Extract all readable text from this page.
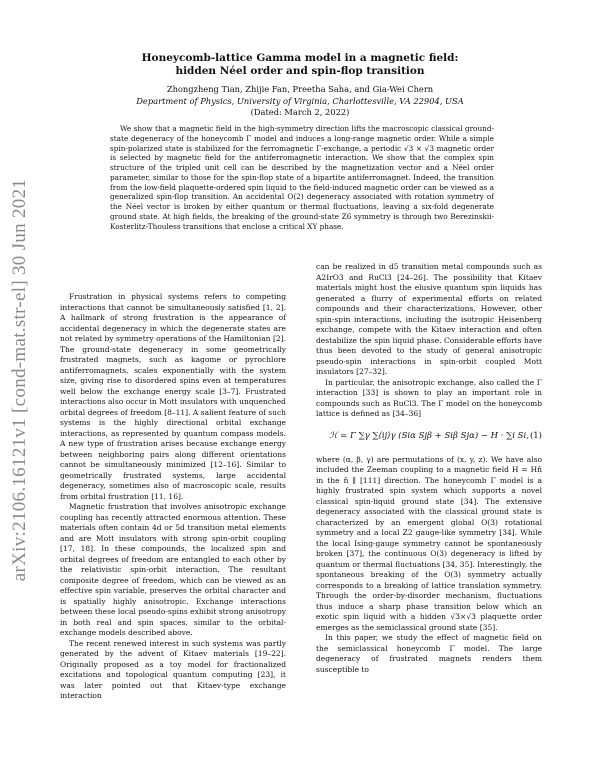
arXiv:2106.16121v1 [cond-mat.str-el] 30 Jun 2021
Honeycomb-lattice Gamma model in a magnetic field:
hidden Néel order and spin-flop transition
Zhongzheng Tian, Zhijie Fan, Preetha Saha, and Gia-Wei Chern
Department of Physics, University of Virginia, Charlottesville, VA 22904, USA
(Dated: March 2, 2022)

We show that a magnetic field in the high-symmetry direction lifts the macroscopic classical ground-state degeneracy of the honeycomb Γ model and induces a long-range magnetic order. While a simple spin-polarized state is stabilized for the ferromagnetic Γ-exchange, a periodic √3 × √3 magnetic order is selected by magnetic field for the antiferromagnetic interaction. We show that the complex spin structure of the tripled unit cell can be described by the magnetization vector and a Néel order parameter, similar to those for the spin-flop state of a bipartite antiferromagnet. Indeed, the transition from the low-field plaquette-ordered spin liquid to the field-induced magnetic order can be viewed as a generalized spin-flop transition. An accidental O(2) degeneracy associated with rotation symmetry of the Néel vector is broken by either quantum or thermal fluctuations, leaving a six-fold degenerate ground state. At high fields, the breaking of the ground-state Z6 symmetry is through two Berezinskii-Kosterlitz-Thouless transitions that enclose a critical XY phase.

Frustration in physical systems refers to competing interactions that cannot be simultaneously satisfied [1, 2]. A hallmark of strong frustration is the appearance of accidental degeneracy in which the degenerate states are not related by symmetry operations of the Hamiltonian [2]. The ground-state degeneracy in some geometrically frustrated magnets, such as kagome or pyrochlore antiferromagnets, scales exponentially with the system size, giving rise to disordered spins even at temperatures well below the exchange energy scale [3–7]. Frustrated interactions also occur in Mott insulators with unquenched orbital degrees of freedom [8–11]. A salient feature of such systems is the highly directional orbital exchange interactions, as represented by quantum compass models. A new type of frustration arises because exchange energy between neighboring pairs along different orientations cannot be simultaneously minimized [12–16]. Similar to geometrically frustrated systems, large accidental degeneracy, sometimes also of macroscopic scale, results from orbital frustration [11, 16].

Magnetic frustration that involves anisotropic exchange coupling has recently attracted enormous attention. These materials often contain 4d or 5d transition metal elements and are Mott insulators with strong spin-orbit coupling [17, 18]. In these compounds, the localized spin and orbital degrees of freedom are entangled to each other by the relativistic spin-orbit interaction. The resultant composite degree of freedom, which can be viewed as an effective spin variable, preserves the orbital character and is spatially highly anisotropic. Exchange interactions between these local pseudo-spins exhibit strong anisotropy in both real and spin spaces, similar to the orbital-exchange models described above.

The recent renewed interest in such systems was partly generated by the advent of Kitaev materials [19–22]. Originally proposed as a toy model for fractionalized excitations and topological quantum computing [23], it was later pointed out that Kitaev-type exchange interaction

can be realized in d5 transition metal compounds such as A2IrO3 and RuCl3 [24–26]. The possibility that Kitaev materials might host the elusive quantum spin liquids has generated a flurry of experimental efforts on related compounds and their characterizations. However, other spin-spin interactions, including the isotropic Heisenberg exchange, compete with the Kitaev interaction and often destabilize the spin liquid phase. Considerable efforts have thus been devoted to the study of general anisotropic pseudo-spin interactions in spin-orbit coupled Mott insulators [27–32].

In particular, the anisotropic exchange, also called the Γ interaction [33] is shown to play an important role in compounds such as RuCl3. The Γ model on the honeycomb lattice is defined as [34–36]

ℋ = Γ ∑γ ∑⟨ij⟩γ (Siα Sjβ + Siβ Sjα) − H · ∑i Si, (1)

where (α, β, γ) are permutations of (x, y, z). We have also included the Zeeman coupling to a magnetic field H = Hn̂ in the n̂ ∥ [111] direction. The honeycomb Γ model is a highly frustrated spin system which supports a novel classical spin-liquid ground state [34]. The extensive degeneracy associated with the classical ground state is characterized by an emergent global O(3) rotational symmetry and a local Z2 gauge-like symmetry [34]. While the local Ising-gauge symmetry cannot be spontaneously broken [37], the continuous O(3) degeneracy is lifted by quantum or thermal fluctuations [34, 35]. Interestingly, the spontaneous breaking of the O(3) symmetry actually corresponds to a breaking of lattice translation symmetry. Through the order-by-disorder mechanism, fluctuations thus induce a sharp phase transition below which an exotic spin liquid with a hidden √3×√3 plaquette order emerges as the semiclassical ground state [35].

In this paper, we study the effect of magnetic field on the semiclassical honeycomb Γ model. The large degeneracy of frustrated magnets renders them susceptible to
